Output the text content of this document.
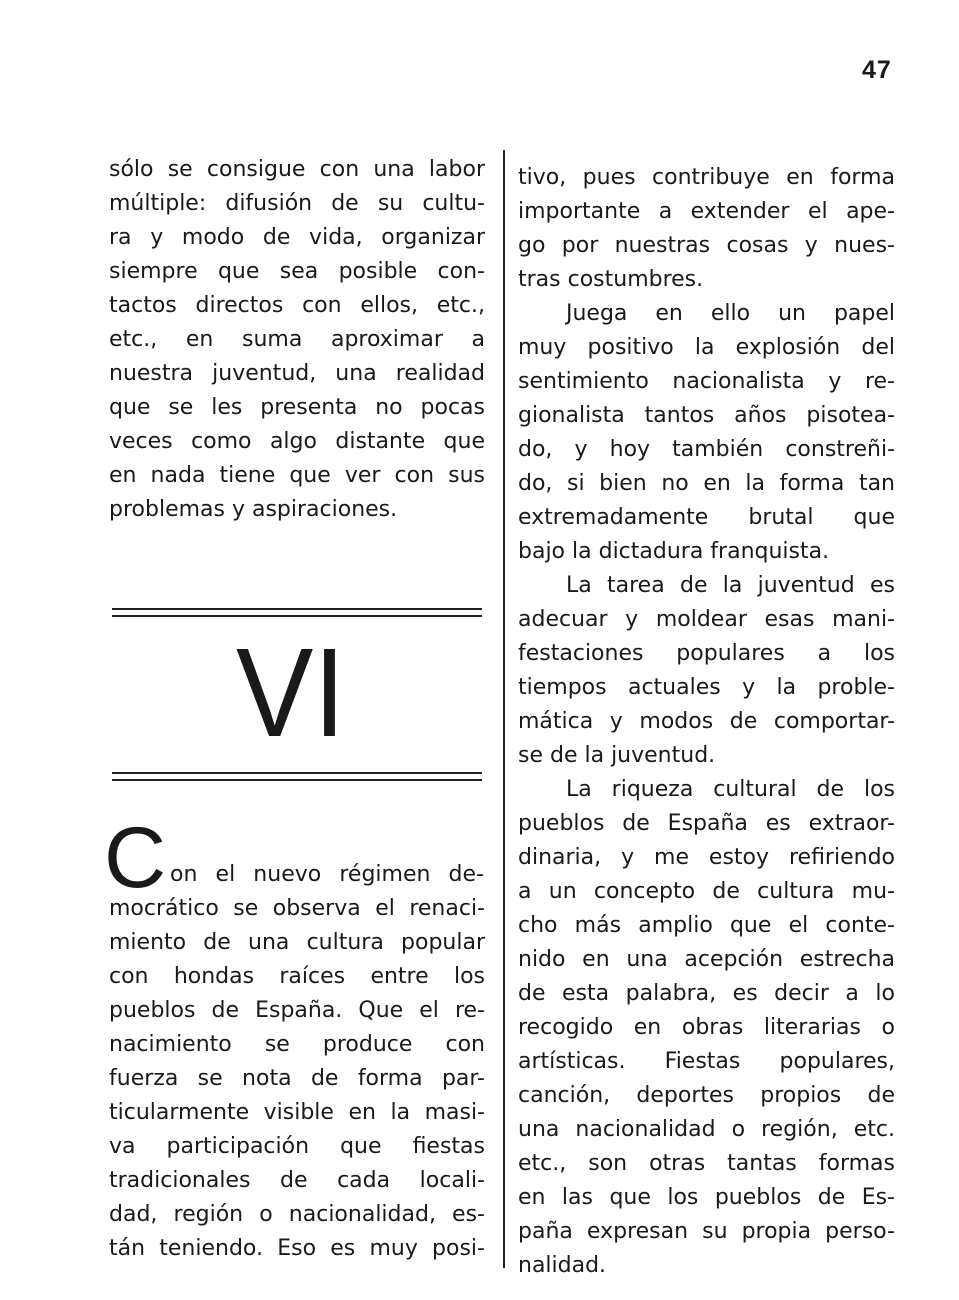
47
sólo se consigue con una labor
múltiple: difusión de su cultu-
ra y modo de vida, organizar
siempre que sea posible con-
tactos directos con ellos, etc.,
etc., en suma aproximar a
nuestra juventud, una realidad
que se les presenta no pocas
veces como algo distante que
en nada tiene que ver con sus
problemas y aspiraciones.
VI
C on el nuevo régimen de-
mocrático se observa el renaci-
miento de una cultura popular
con hondas raíces entre los
pueblos de España. Que el re-
nacimiento se produce con
fuerza se nota de forma par-
ticularmente visible en la masi-
va participación que fiestas
tradicionales de cada locali-
dad, región o nacionalidad, es-
tán teniendo. Eso es muy posi-
tivo, pues contribuye en forma
importante a extender el ape-
go por nuestras cosas y nues-
tras costumbres.
Juega en ello un papel
muy positivo la explosión del
sentimiento nacionalista y re-
gionalista tantos años pisotea-
do, y hoy también constreñi-
do, si bien no en la forma tan
extremadamente brutal que
bajo la dictadura franquista.
La tarea de la juventud es
adecuar y moldear esas mani-
festaciones populares a los
tiempos actuales y la proble-
mática y modos de comportar-
se de la juventud.
La riqueza cultural de los
pueblos de España es extraor-
dinaria, y me estoy refiriendo
a un concepto de cultura mu-
cho más amplio que el conte-
nido en una acepción estrecha
de esta palabra, es decir a lo
recogido en obras literarias o
artísticas. Fiestas populares,
canción, deportes propios de
una nacionalidad o región, etc.
etc., son otras tantas formas
en las que los pueblos de Es-
paña expresan su propia perso-
nalidad.
